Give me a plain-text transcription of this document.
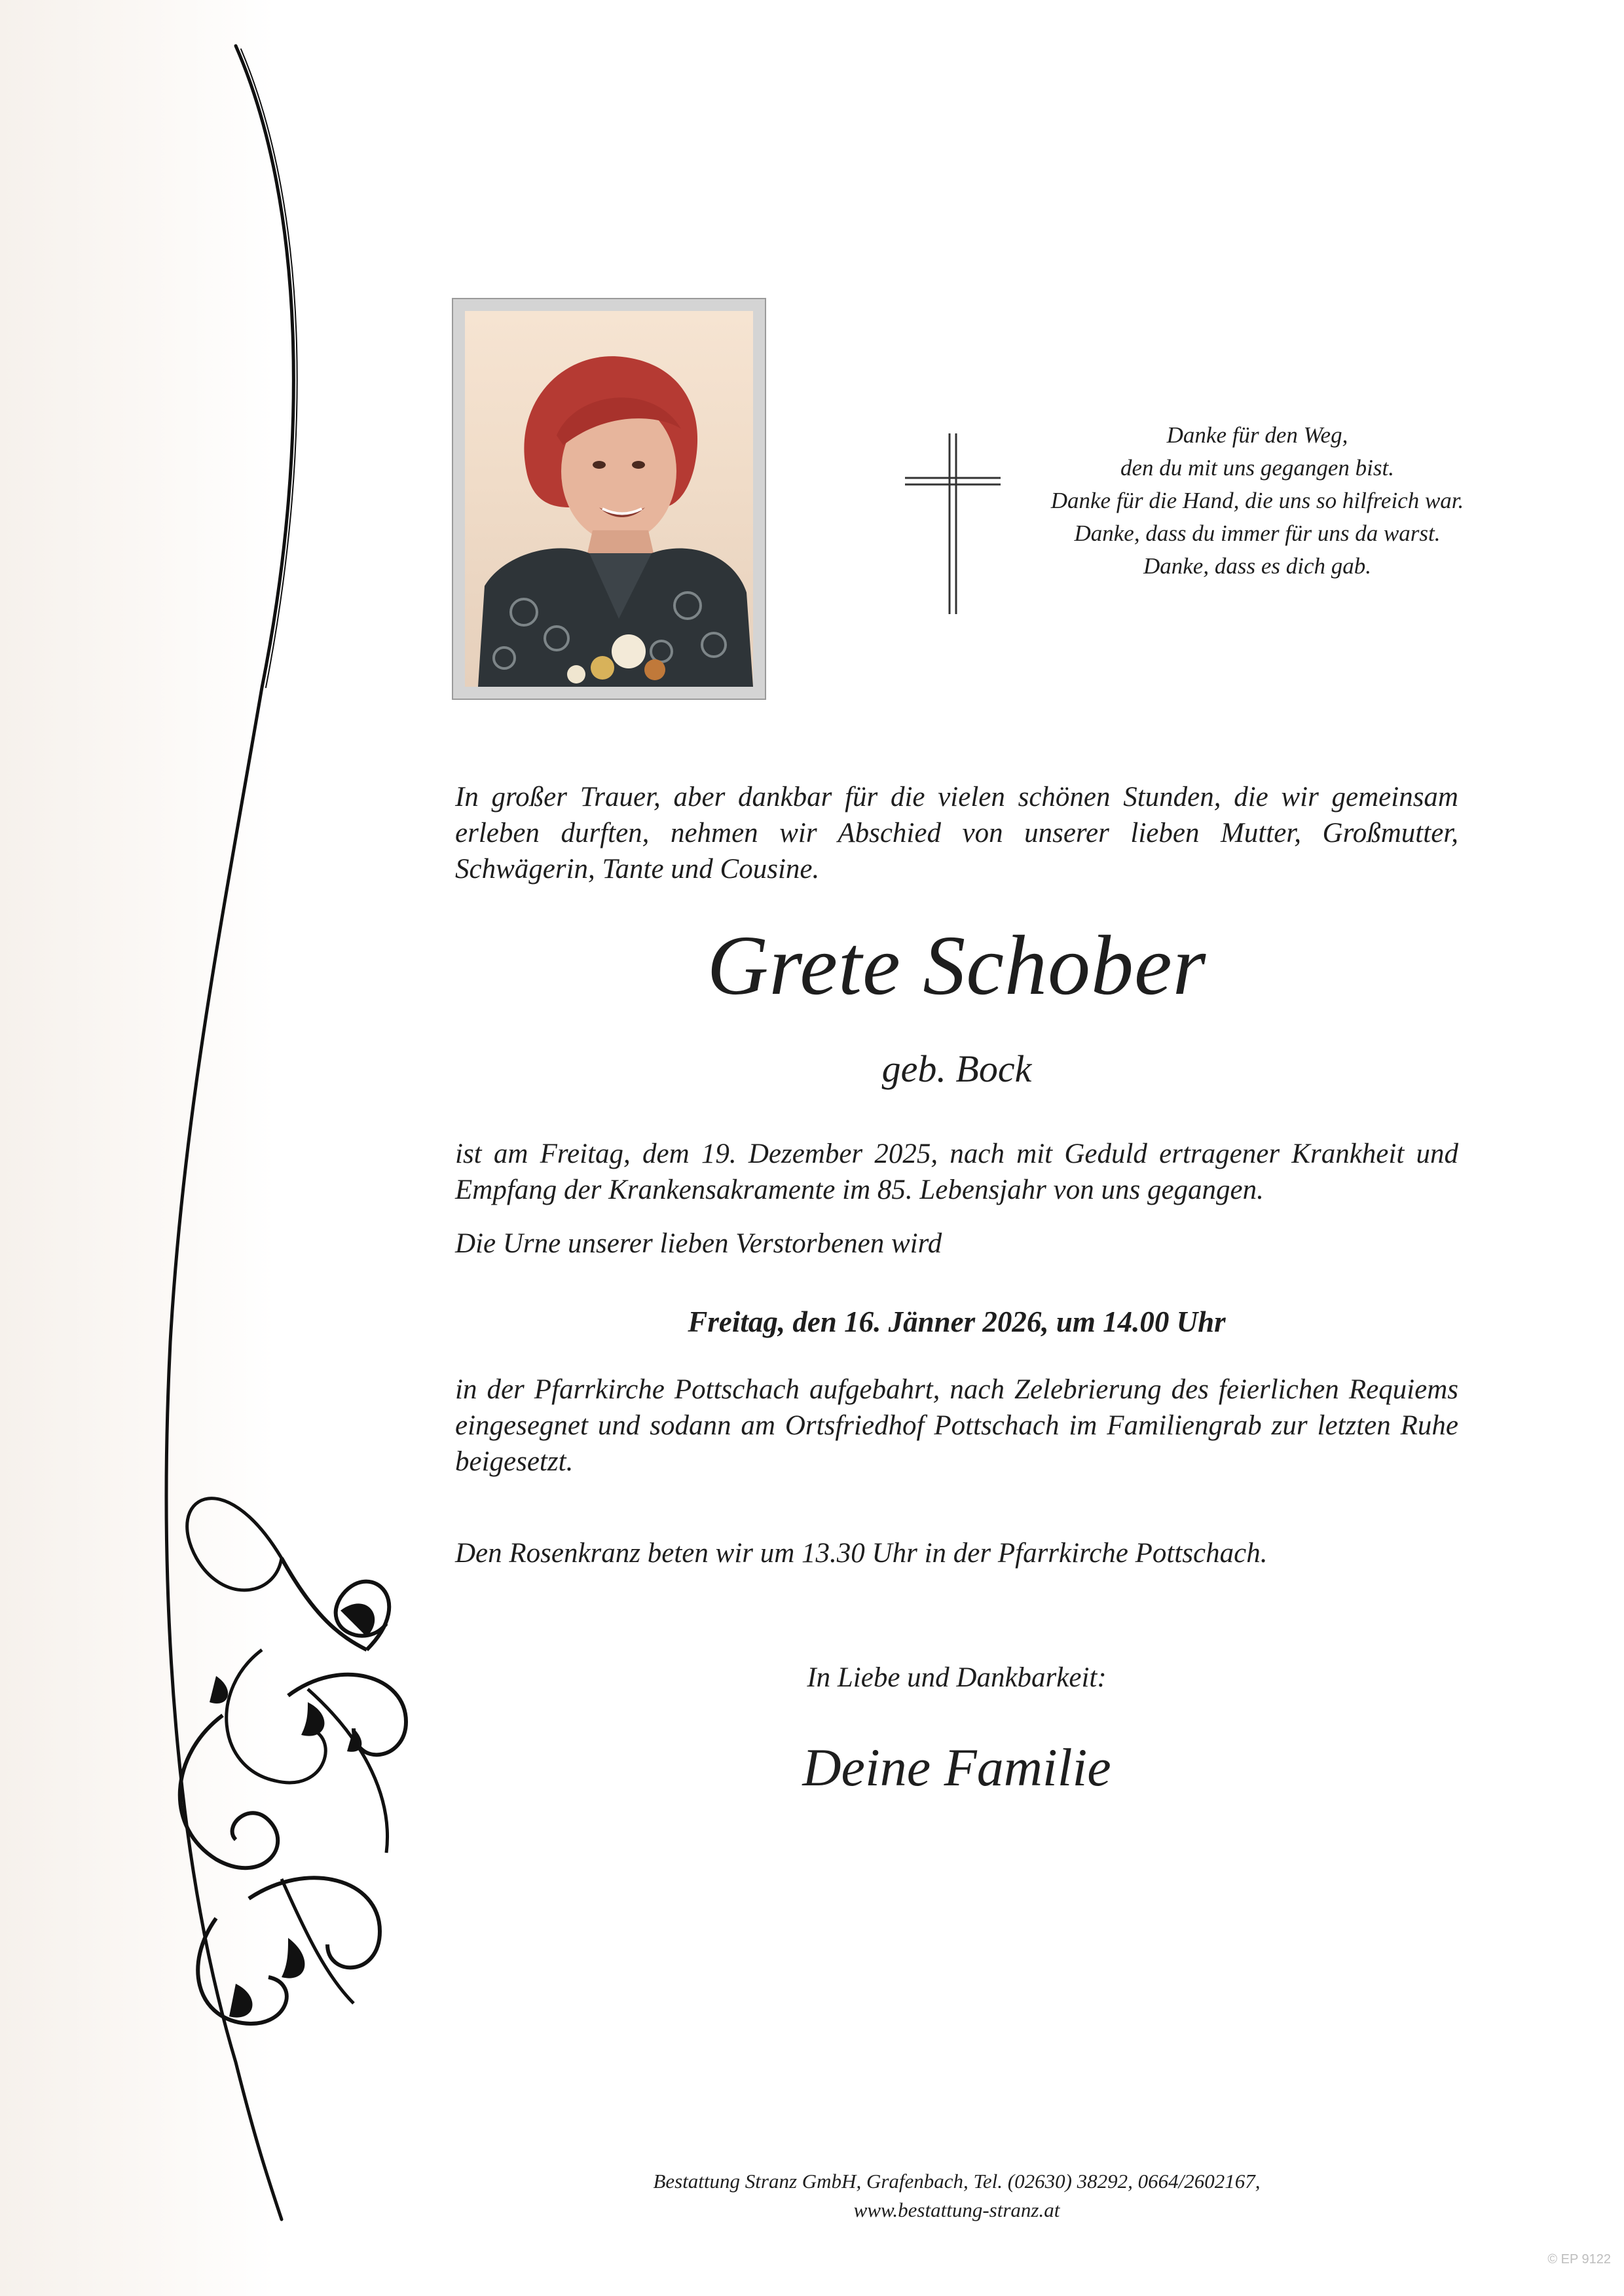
Danke für den Weg,
den du mit uns gegangen bist.
Danke für die Hand, die uns so hilfreich war.
Danke, dass du immer für uns da warst.
Danke, dass es dich gab.
In großer Trauer, aber dankbar für die vielen schönen Stunden, die wir gemeinsam erleben durften, nehmen wir Abschied von unserer lieben Mutter, Großmutter, Schwägerin, Tante und Cousine.
Grete Schober
geb. Bock
ist am Freitag, dem 19. Dezember 2025, nach mit Geduld ertragener Krankheit und Empfang der Krankensakramente im 85. Lebensjahr von uns gegangen.
Die Urne unserer lieben Verstorbenen wird
Freitag, den 16. Jänner 2026, um 14.00 Uhr
in der Pfarrkirche Pottschach aufgebahrt, nach Zelebrierung des feierlichen Requiems eingesegnet und sodann am Ortsfriedhof Pottschach im Familiengrab zur letzten Ruhe beigesetzt.
Den Rosenkranz beten wir um 13.30 Uhr in der Pfarrkirche Pottschach.
In Liebe und Dankbarkeit:
Deine Familie
Bestattung Stranz GmbH, Grafenbach, Tel. (02630) 38292, 0664/2602167,
www.bestattung-stranz.at
© EP 9122
